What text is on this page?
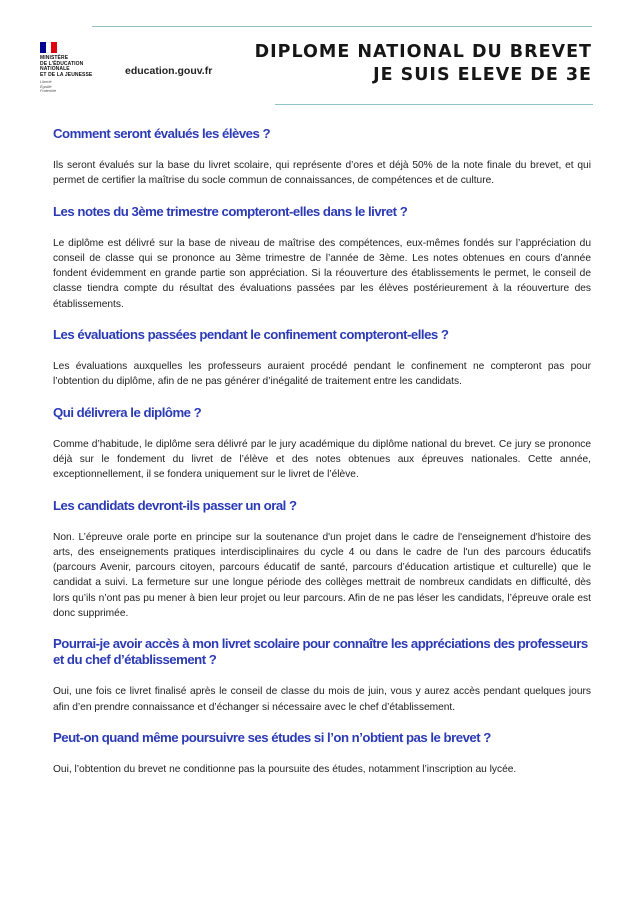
MINISTÈRE
DE L'ÉDUCATION
NATIONALE
ET DE LA JEUNESSE
Liberté
Égalité
Fraternité
education.gouv.fr
DIPLOME NATIONAL DU BREVET
JE SUIS ELEVE DE 3E
Comment seront évalués les élèves ?

Ils seront évalués sur la base du livret scolaire, qui représente d’ores et déjà 50% de la note finale du brevet, et qui permet de certifier la maîtrise du socle commun de connaissances, de compétences et de culture.

Les notes du 3ème trimestre compteront-elles dans le livret ?

Le diplôme est délivré sur la base de niveau de maîtrise des compétences, eux-mêmes fondés sur l’appréciation du conseil de classe qui se prononce au 3ème trimestre de l’année de 3ème. Les notes obtenues en cours d’année fondent évidemment en grande partie son appréciation. Si la réouverture des établissements le permet, le conseil de classe tiendra compte du résultat des évaluations passées par les élèves postérieurement à la réouverture des établissements.

Les évaluations passées pendant le confinement compteront-elles ?

Les évaluations auxquelles les professeurs auraient procédé pendant le confinement ne compteront pas pour l’obtention du diplôme, afin de ne pas générer d’inégalité de traitement entre les candidats.

Qui délivrera le diplôme ?

Comme d’habitude, le diplôme sera délivré par le jury académique du diplôme national du brevet. Ce jury se prononce déjà sur le fondement du livret de l’élève et des notes obtenues aux épreuves nationales. Cette année, exceptionnellement, il se fondera uniquement sur le livret de l’élève.

Les candidats devront-ils passer un oral ?

Non. L’épreuve orale porte en principe sur la soutenance d'un projet dans le cadre de l'enseignement d'histoire des arts, des enseignements pratiques interdisciplinaires du cycle 4 ou dans le cadre de l'un des parcours éducatifs (parcours Avenir, parcours citoyen, parcours éducatif de santé, parcours d’éducation artistique et culturelle) que le candidat a suivi. La fermeture sur une longue période des collèges mettrait de nombreux candidats en difficulté, dès lors qu’ils n’ont pas pu mener à bien leur projet ou leur parcours. Afin de ne pas léser les candidats, l’épreuve orale est donc supprimée.

Pourrai-je avoir accès à mon livret scolaire pour connaître les appréciations des professeurs et du chef d’établissement ?

Oui, une fois ce livret finalisé après le conseil de classe du mois de juin, vous y aurez accès pendant quelques jours afin d’en prendre connaissance et d’échanger si nécessaire avec le chef d’établissement.

Peut-on quand même poursuivre ses études si l’on n’obtient pas le brevet ?

Oui, l’obtention du brevet ne conditionne pas la poursuite des études, notamment l’inscription au lycée.
